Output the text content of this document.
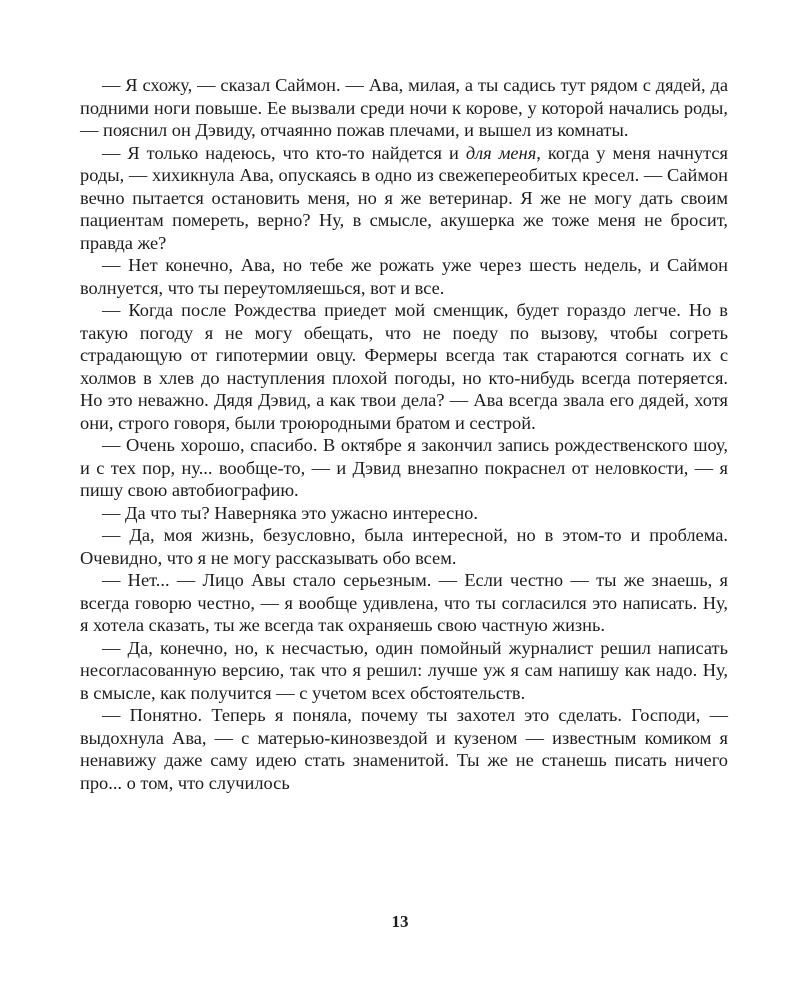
— Я схожу, — сказал Саймон. — Ава, милая, а ты садись тут рядом с дядей, да подними ноги повыше. Ее вызвали среди ночи к корове, у которой начались роды, — пояснил он Дэвиду, отчаянно пожав плечами, и вышел из комнаты.

— Я только надеюсь, что кто-то найдется и для меня, когда у меня начнутся роды, — хихикнула Ава, опускаясь в одно из свежепереобитых кресел. — Саймон вечно пытается остановить меня, но я же ветеринар. Я же не могу дать своим пациентам помереть, верно? Ну, в смысле, акушерка же тоже меня не бросит, правда же?

— Нет конечно, Ава, но тебе же рожать уже через шесть недель, и Саймон волнуется, что ты переутомляешься, вот и все.

— Когда после Рождества приедет мой сменщик, будет гораздо легче. Но в такую погоду я не могу обещать, что не поеду по вызову, чтобы согреть страдающую от гипотермии овцу. Фермеры всегда так стараются согнать их с холмов в хлев до наступления плохой погоды, но кто-нибудь всегда потеряется. Но это неважно. Дядя Дэвид, а как твои дела? — Ава всегда звала его дядей, хотя они, строго говоря, были троюродными братом и сестрой.

— Очень хорошо, спасибо. В октябре я закончил запись рождественского шоу, и с тех пор, ну... вообще-то, — и Дэвид внезапно покраснел от неловкости, — я пишу свою автобиографию.

— Да что ты? Наверняка это ужасно интересно.

— Да, моя жизнь, безусловно, была интересной, но в этом-то и проблема. Очевидно, что я не могу рассказывать обо всем.

— Нет... — Лицо Авы стало серьезным. — Если честно — ты же знаешь, я всегда говорю честно, — я вообще удивлена, что ты согласился это написать. Ну, я хотела сказать, ты же всегда так охраняешь свою частную жизнь.

— Да, конечно, но, к несчастью, один помойный журналист решил написать несогласованную версию, так что я решил: лучше уж я сам напишу как надо. Ну, в смысле, как получится — с учетом всех обстоятельств.

— Понятно. Теперь я поняла, почему ты захотел это сделать. Господи, — выдохнула Ава, — с матерью-кинозвездой и кузеном — известным комиком я ненавижу даже саму идею стать знаменитой. Ты же не станешь писать ничего про... о том, что случилось

13
